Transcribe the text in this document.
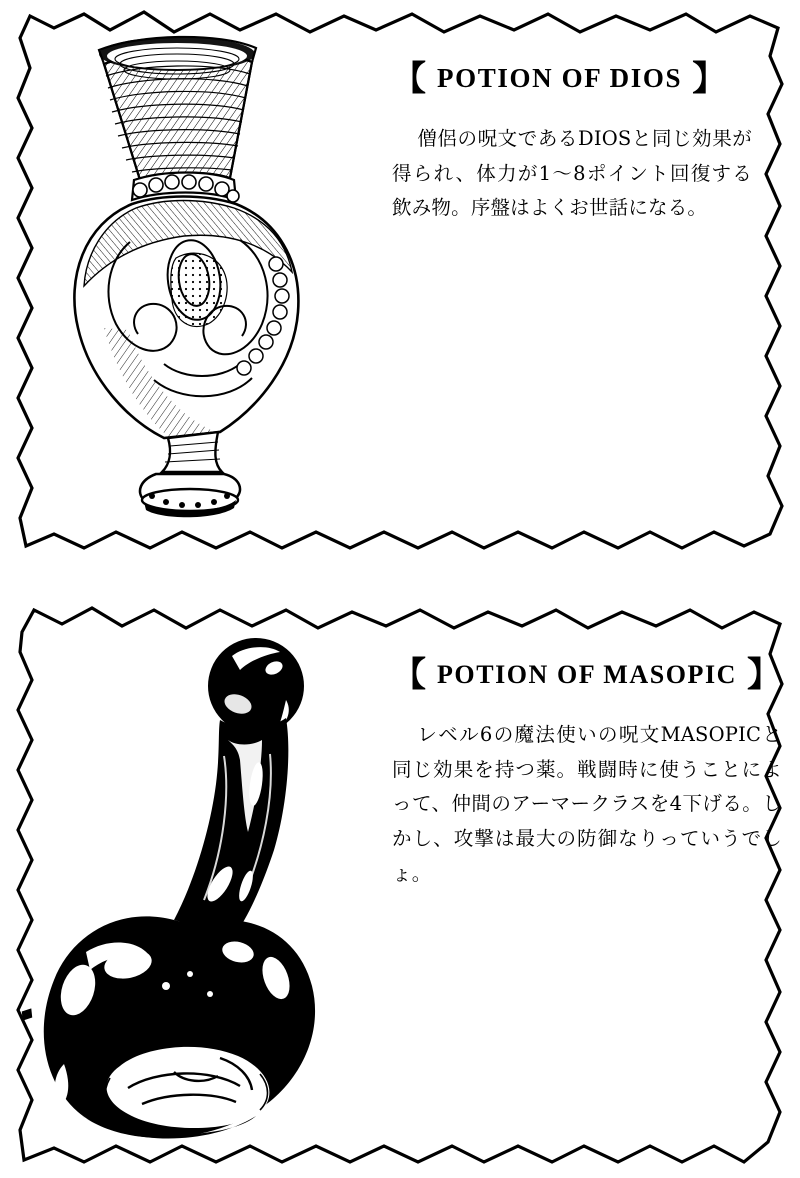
【 POTION OF DIOS 】

僧侶の呪文であるDIOSと同じ効果が得られ、体力が1〜8ポイント回復する飲み物。序盤はよくお世話になる。

【 POTION OF MASOPIC 】

レベル6の魔法使いの呪文MASOPICと同じ効果を持つ薬。戦闘時に使うことによって、仲間のアーマークラスを4下げる。しかし、攻撃は最大の防御なりっていうでしょ。
